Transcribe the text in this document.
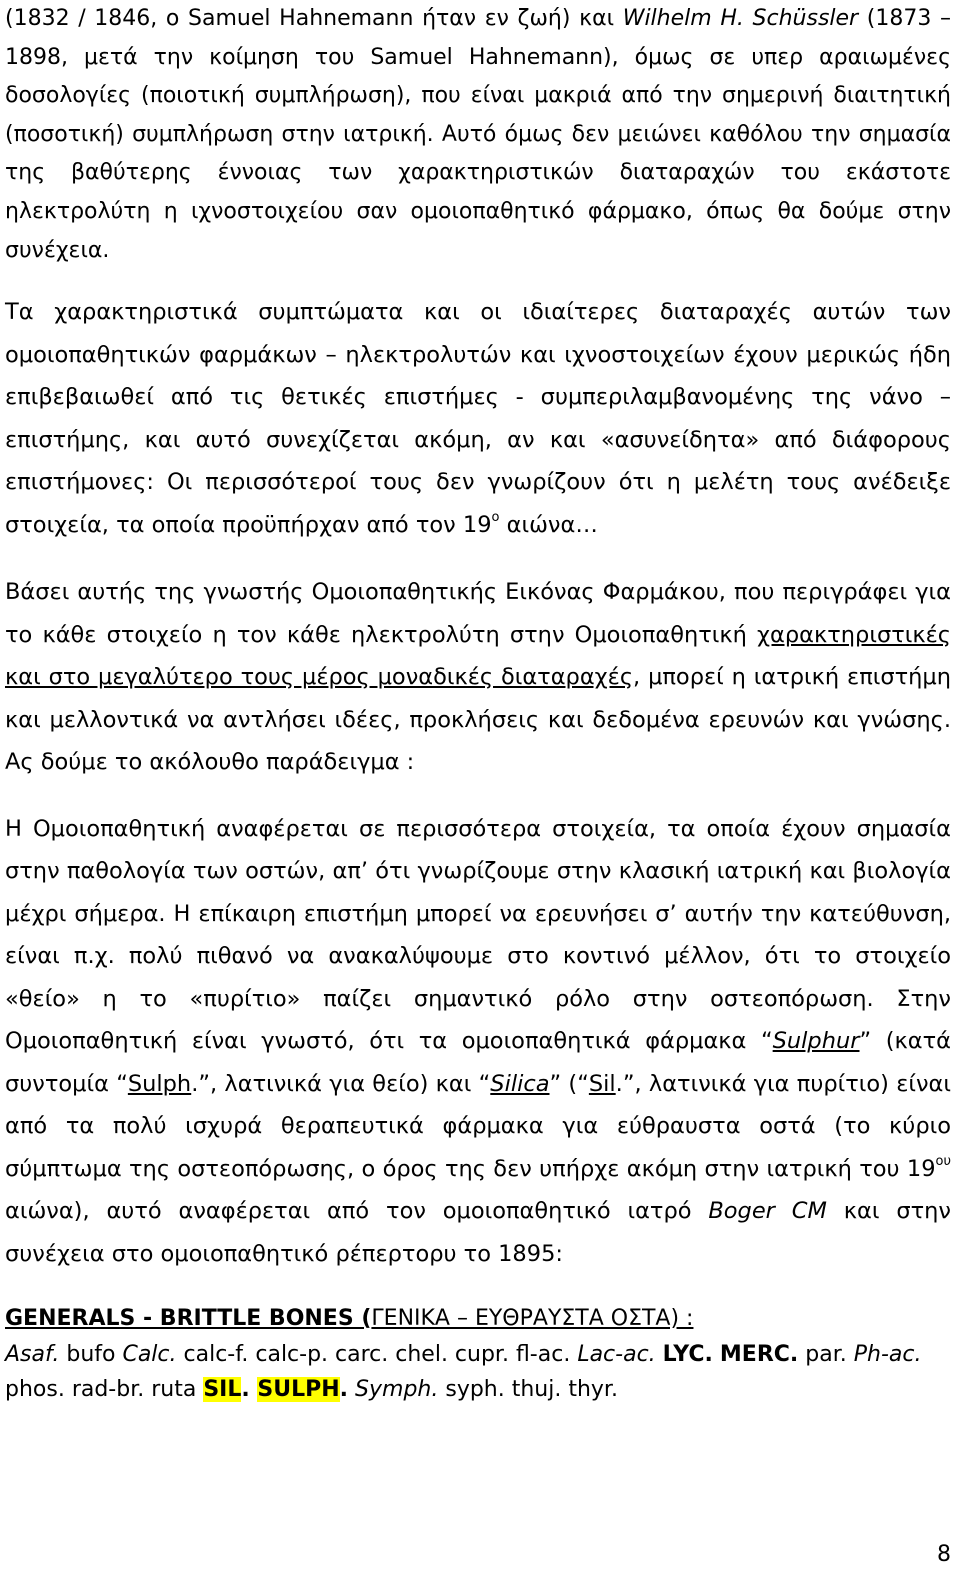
(1832 / 1846, ο Samuel Hahnemann ήταν εν ζωή) και Wilhelm H. Schüssler (1873 – 1898, μετά την κοίμηση του Samuel Hahnemann), όμως σε υπερ αραιωμένες δοσολογίες (ποιοτική συμπλήρωση), που είναι μακριά από την σημερινή διαιτητική (ποσοτική) συμπλήρωση στην ιατρική. Αυτό όμως δεν μειώνει καθόλου την σημασία της βαθύτερης έννοιας των χαρακτηριστικών διαταραχών του εκάστοτε ηλεκτρολύτη η ιχνοστοιχείου σαν ομοιοπαθητικό φάρμακο, όπως θα δούμε στην συνέχεια.

Τα χαρακτηριστικά συμπτώματα και οι ιδιαίτερες διαταραχές αυτών των ομοιοπαθητικών φαρμάκων – ηλεκτρολυτών και ιχνοστοιχείων έχουν μερικώς ήδη επιβεβαιωθεί από τις θετικές επιστήμες - συμπεριλαμβανομένης της νάνο – επιστήμης, και αυτό συνεχίζεται ακόμη, αν και «ασυνείδητα» από διάφορους επιστήμονες: Οι περισσότεροί τους δεν γνωρίζουν ότι η μελέτη τους ανέδειξε στοιχεία, τα οποία προϋπήρχαν από τον $19^o$ αιώνα…

Βάσει αυτής της γνωστής Ομοιοπαθητικής Εικόνας Φαρμάκου, που περιγράφει για το κάθε στοιχείο η τον κάθε ηλεκτρολύτη στην Ομοιοπαθητική χαρακτηριστικές και στο μεγαλύτερο τους μέρος μοναδικές διαταραχές, μπορεί η ιατρική επιστήμη και μελλοντικά να αντλήσει ιδέες, προκλήσεις και δεδομένα ερευνών και γνώσης. Ας δούμε το ακόλουθο παράδειγμα :

Η Ομοιοπαθητική αναφέρεται σε περισσότερα στοιχεία, τα οποία έχουν σημασία στην παθολογία των οστών, απ’ ότι γνωρίζουμε στην κλασική ιατρική και βιολογία μέχρι σήμερα. Η επίκαιρη επιστήμη μπορεί να ερευνήσει σ’ αυτήν την κατεύθυνση, είναι π.χ. πολύ πιθανό να ανακαλύψουμε στο κοντινό μέλλον, ότι το στοιχείο «θείο» η το «πυρίτιο» παίζει σημαντικό ρόλο στην οστεοπόρωση. Στην Ομοιοπαθητική είναι γνωστό, ότι τα ομοιοπαθητικά φάρμακα “Sulphur” (κατά συντομία “Sulph.”, λατινικά για θείο) και “Silica” (“Sil.”, λατινικά για πυρίτιο) είναι από τα πολύ ισχυρά θεραπευτικά φάρμακα για εύθραυστα οστά (το κύριο σύμπτωμα της οστεοπόρωσης, ο όρος της δεν υπήρχε ακόμη στην ιατρική του $19^{o\upsilon}$ αιώνα), αυτό αναφέρεται από τον ομοιοπαθητικό ιατρό Boger CM και στην συνέχεια στο ομοιοπαθητικό ρέπερτορυ το 1895:

GENERALS - BRITTLE BONES (ΓΕΝΙΚΑ – ΕΥΘΡΑΥΣΤΑ ΟΣΤΑ) :

Asaf. bufo Calc. calc-f. calc-p. carc. chel. cupr. fl-ac. Lac-ac. LYC. MERC. par. Ph-ac. phos. rad-br. ruta SIL. SULPH. Symph. syph. thuj. thyr.

8
